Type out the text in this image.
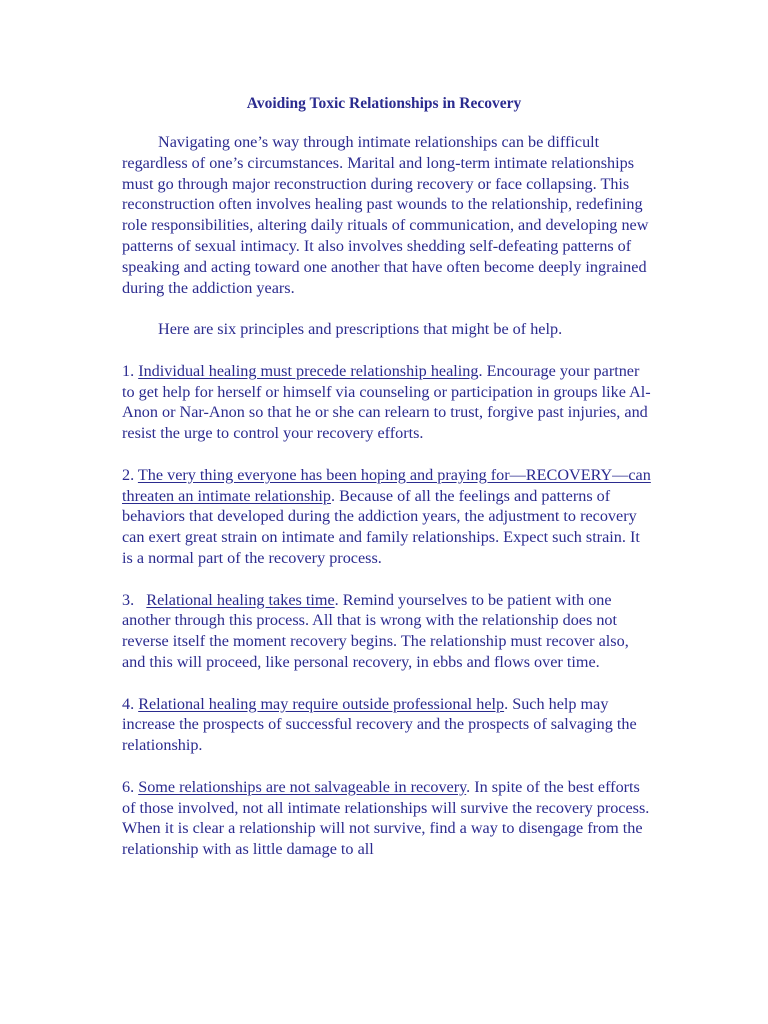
Avoiding Toxic Relationships in Recovery

Navigating one’s way through intimate relationships can be difficult regardless of one’s circumstances. Marital and long-term intimate relationships must go through major reconstruction during recovery or face collapsing. This reconstruction often involves healing past wounds to the relationship, redefining role responsibilities, altering daily rituals of communication, and developing new patterns of sexual intimacy. It also involves shedding self-defeating patterns of speaking and acting toward one another that have often become deeply ingrained during the addiction years.

Here are six principles and prescriptions that might be of help.

1. Individual healing must precede relationship healing. Encourage your partner to get help for herself or himself via counseling or participation in groups like Al-Anon or Nar-Anon so that he or she can relearn to trust, forgive past injuries, and resist the urge to control your recovery efforts.

2. The very thing everyone has been hoping and praying for—RECOVERY—can threaten an intimate relationship. Because of all the feelings and patterns of behaviors that developed during the addiction years, the adjustment to recovery can exert great strain on intimate and family relationships. Expect such strain. It is a normal part of the recovery process.

3.   Relational healing takes time. Remind yourselves to be patient with one another through this process. All that is wrong with the relationship does not reverse itself the moment recovery begins. The relationship must recover also, and this will proceed, like personal recovery, in ebbs and flows over time.

4. Relational healing may require outside professional help. Such help may increase the prospects of successful recovery and the prospects of salvaging the relationship.

6. Some relationships are not salvageable in recovery. In spite of the best efforts of those involved, not all intimate relationships will survive the recovery process. When it is clear a relationship will not survive, find a way to disengage from the relationship with as little damage to all
